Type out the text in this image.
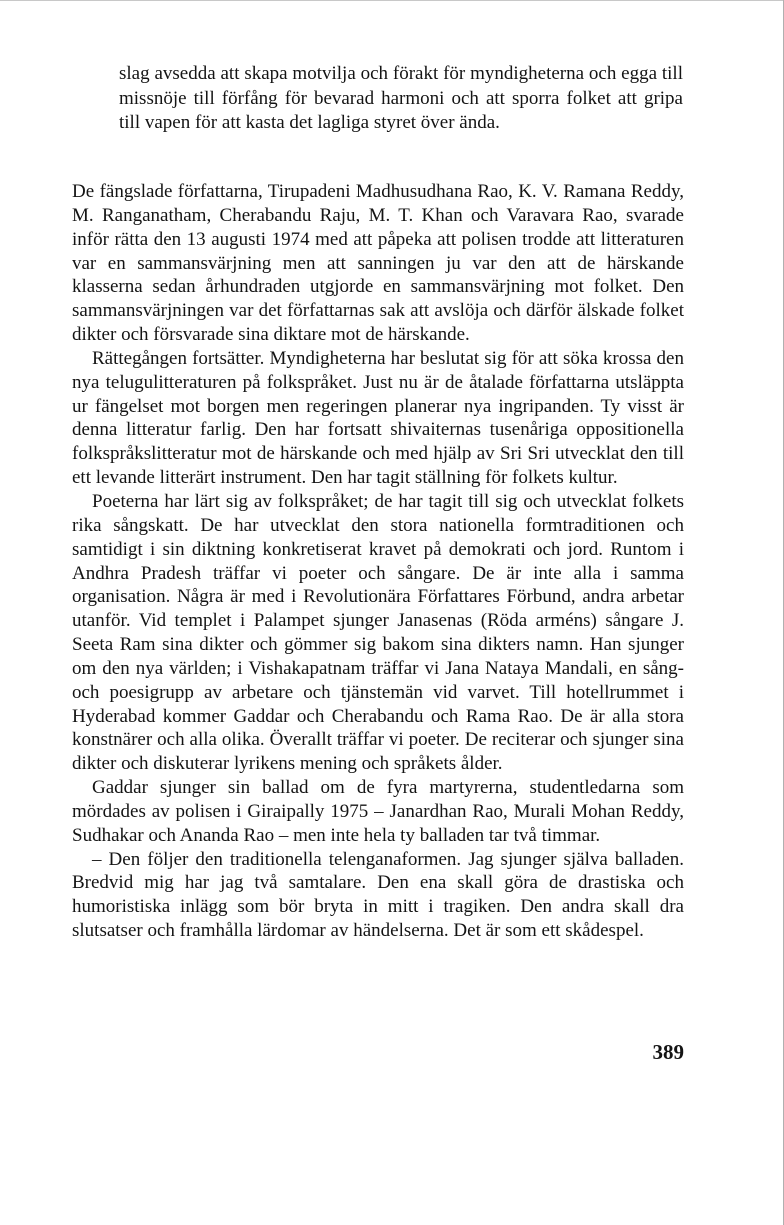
slag avsedda att skapa motvilja och förakt för myndigheterna och egga till missnöje till förfång för bevarad harmoni och att sporra folket att gripa till vapen för att kasta det lagliga styret över ända.

De fängslade författarna, Tirupadeni Madhusudhana Rao, K. V. Ramana Reddy, M. Ranganatham, Cherabandu Raju, M. T. Khan och Varavara Rao, svarade inför rätta den 13 augusti 1974 med att påpeka att polisen trodde att litteraturen var en sammansvärjning men att sanningen ju var den att de härskande klasserna sedan århundraden utgjorde en sammansvärjning mot folket. Den sammansvärjningen var det författarnas sak att avslöja och därför älskade folket dikter och försvarade sina diktare mot de härskande.

Rättegången fortsätter. Myndigheterna har beslutat sig för att söka krossa den nya telugulitteraturen på folkspråket. Just nu är de åtalade författarna utsläppta ur fängelset mot borgen men regeringen planerar nya ingripanden. Ty visst är denna litteratur farlig. Den har fortsatt shivaiternas tusenåriga oppositionella folkspråkslitteratur mot de härskande och med hjälp av Sri Sri utvecklat den till ett levande litterärt instrument. Den har tagit ställning för folkets kultur.

Poeterna har lärt sig av folkspråket; de har tagit till sig och utvecklat folkets rika sångskatt. De har utvecklat den stora nationella formtraditionen och samtidigt i sin diktning konkretiserat kravet på demokrati och jord. Runtom i Andhra Pradesh träffar vi poeter och sångare. De är inte alla i samma organisation. Några är med i Revolutionära Författares Förbund, andra arbetar utanför. Vid templet i Palampet sjunger Janasenas (Röda arméns) sångare J. Seeta Ram sina dikter och gömmer sig bakom sina dikters namn. Han sjunger om den nya världen; i Vishakapatnam träffar vi Jana Nataya Mandali, en sång- och poesigrupp av arbetare och tjänstemän vid varvet. Till hotellrummet i Hyderabad kommer Gaddar och Cherabandu och Rama Rao. De är alla stora konstnärer och alla olika. Överallt träffar vi poeter. De reciterar och sjunger sina dikter och diskuterar lyrikens mening och språkets ålder.

Gaddar sjunger sin ballad om de fyra martyrerna, studentledarna som mördades av polisen i Giraipally 1975 – Janardhan Rao, Murali Mohan Reddy, Sudhakar och Ananda Rao – men inte hela ty balladen tar två timmar.

– Den följer den traditionella telenganaformen. Jag sjunger själva balladen. Bredvid mig har jag två samtalare. Den ena skall göra de drastiska och humoristiska inlägg som bör bryta in mitt i tragiken. Den andra skall dra slutsatser och framhålla lärdomar av händelserna. Det är som ett skådespel.

389
